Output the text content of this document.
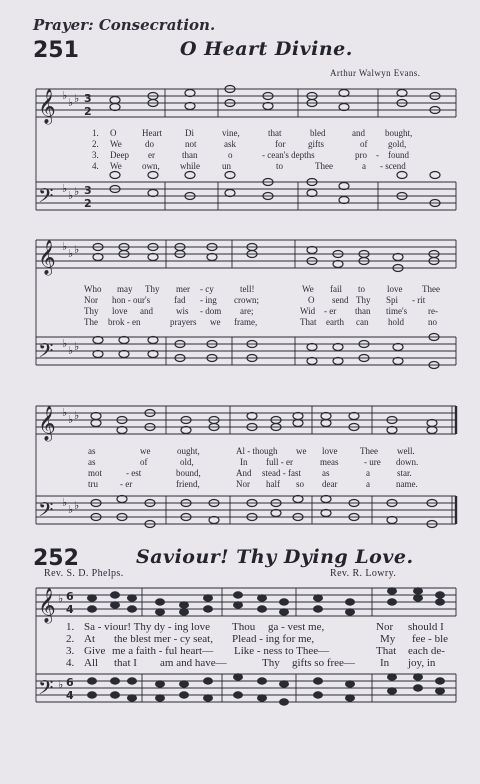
Prayer: Consecration.
251	O Heart Divine.
Arthur Walwyn Evans.
𝄞
𝄢
♭
♭ ♭
♭
♭ ♭
3
2
3
2

1. O	Heart	Di	vine,	that	bled	and bought,

2. We	do	not	ask	for	gifts	of gold,

3. Deep er	than	o	- cean's depths	pro - found

4. We own, while un	to	Thee	a - scend

𝄞
𝄢
♭
♭ ♭
♭
♭ ♭

Who may Thy mer - cy	tell!	We fail to love Thee

Nor hon - our's	fad - ing crown;	O send Thy Spi - rit

Thy love and	wis - dom are;	Wid - er than time's re-

The brok - en	prayers we frame,	That earth can hold	no

𝄞
𝄢
♭
♭ ♭
♭
♭ ♭

as	we	ought,	Al - though we love	Thee well.

as	of	old,	In full - er	meas	- ure down.

mot	- est	bound,	And stead - fast as	a	star.

tru - er	friend,	Nor half so dear	a	name.

252	Saviour! Thy Dying Love.
Rev. S. D. Phelps.	Rev. R. Lowry.
𝄞
𝄢
♭
♭
6
4
6
4

1. Sa - viour! Thy dy - ing love Thou ga - vest me,	Nor should I

2. At the blest mer - cy seat, Plead - ing for me,	My fee - ble

3. Give me a faith - ful heart— Like - ness to Thee—	That each de-

4. All that I am and have—	Thy gifts so free— In joy, in
